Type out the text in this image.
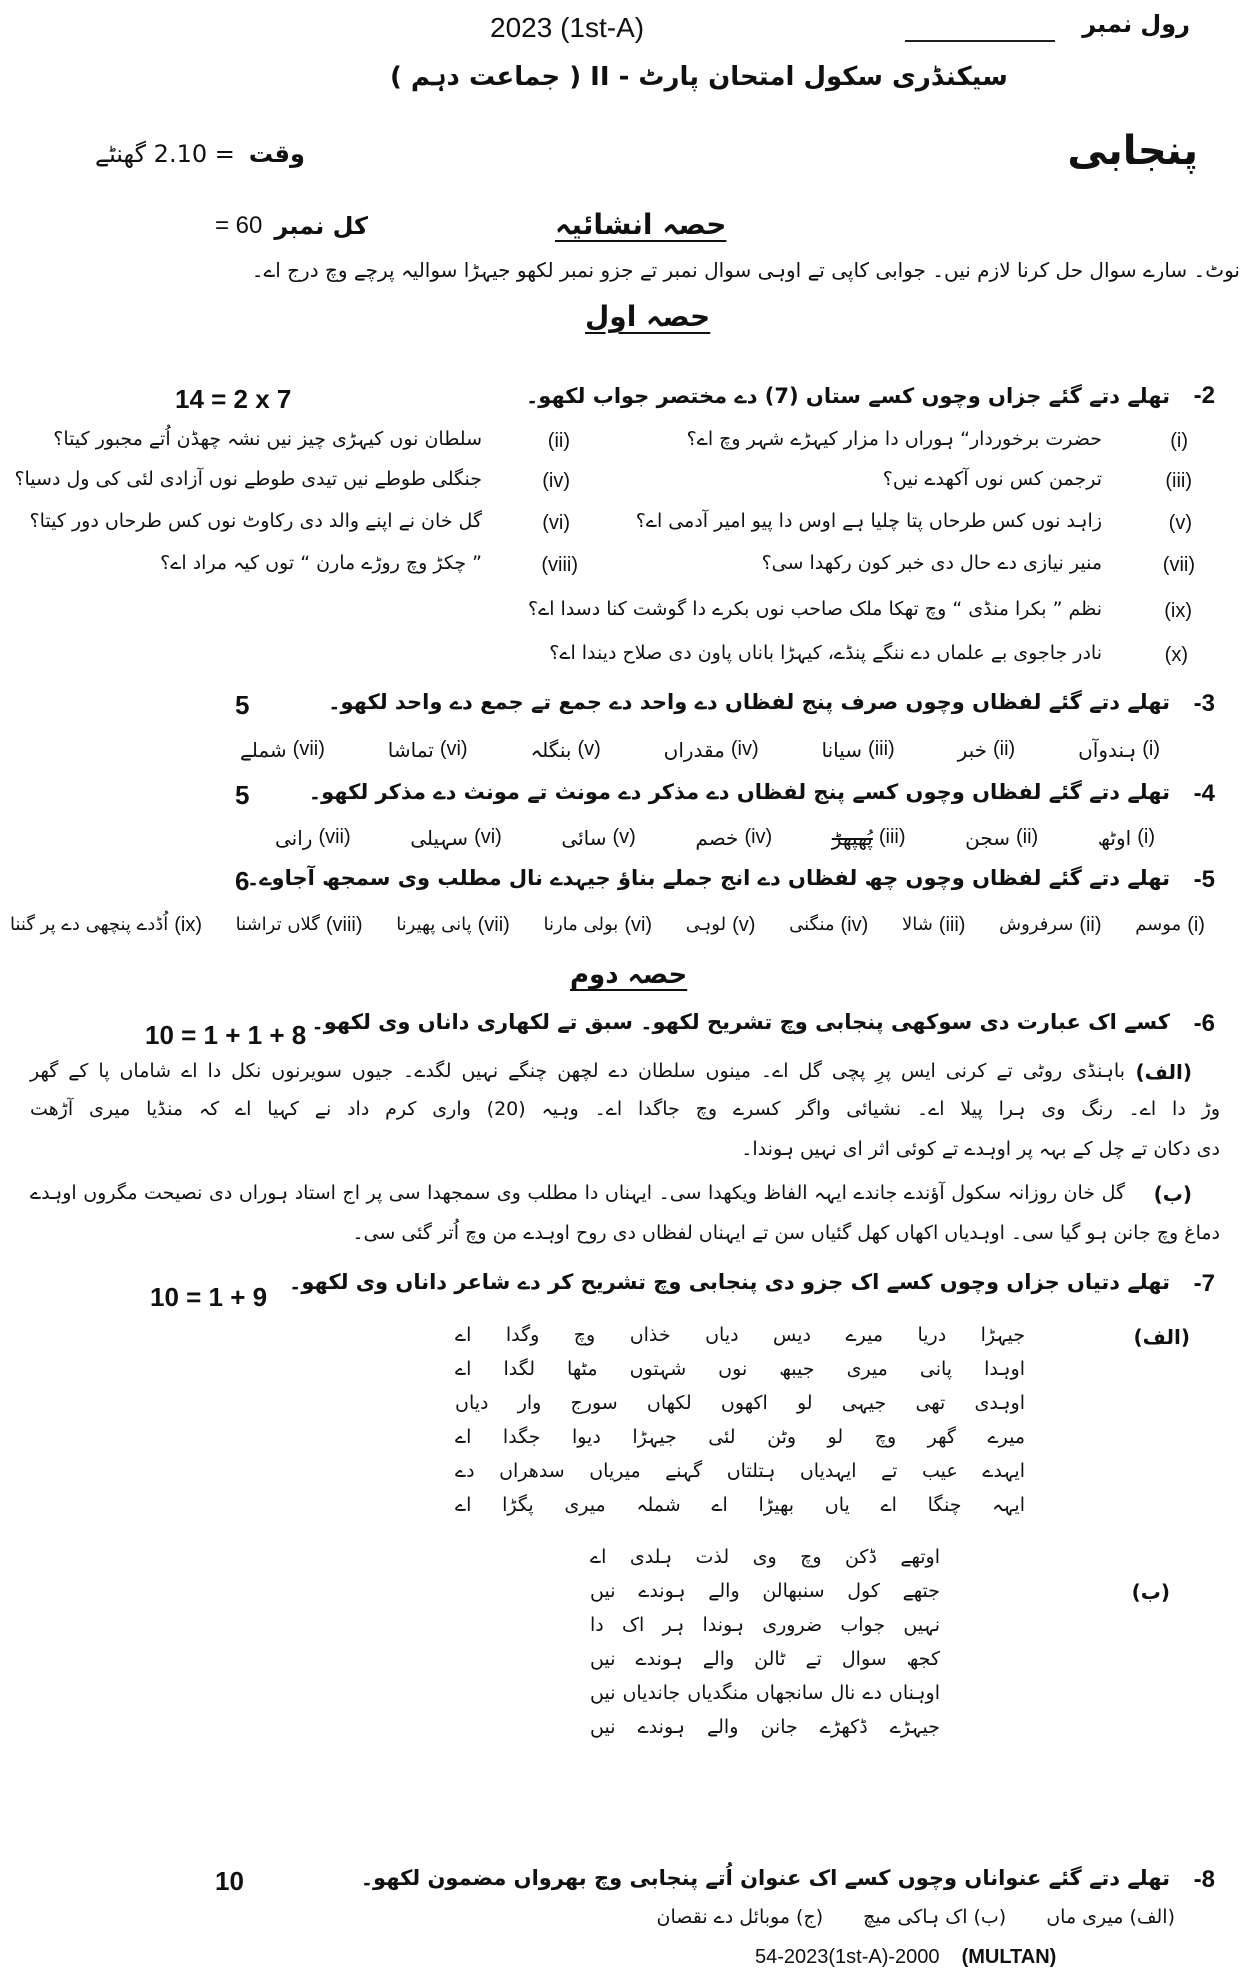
رول نمبر
2023 (1st-A)
سیکنڈری سکول امتحان پارٹ - II ( جماعت دہم )
پنجابی
= 2.10 گھنٹے وقت
= 60 کل نمبر	حصہ انشائیہ
نوٹ۔ سارے سوال حل کرنا لازم نیں۔ جوابی کاپی تے اوہی سوال نمبر تے جزو نمبر لکھو جیہڑا سوالیہ پرچے وچ درج اے۔
حصہ اول
-2
تھلے دتے گئے جزاں وچوں کسے ستاں (7) دے مختصر جواب لکھو۔
14 = 2 x 7
(i)
حضرت برخوردار“ ہوراں دا مزار کیہڑے شہر وچ اے؟
(ii)
سلطان نوں کیہڑی چیز نیں نشہ چھڈن اُتے مجبور کیتا؟
(iii)
ترجمن کس نوں آکھدے نیں؟
(iv)
جنگلی طوطے نیں تیدی طوطے نوں آزادی لئی کی ول دسیا؟
(v)
زاہد نوں کس طرحاں پتا چلیا ہے اوس دا پیو امیر آدمی اے؟
(vi)
گل خان نے اپنے والد دی رکاوٹ نوں کس طرحاں دور کیتا؟
(vii)
منیر نیازی دے حال دی خبر کون رکھدا سی؟
(viii)
” چکڑ وچ روڑے مارن “ توں کیہ مراد اے؟
(ix)
نظم ” بکرا منڈی “ وچ تھکا ملک صاحب نوں بکرے دا گوشت کنا دسدا اے؟
(x)
نادر جاجوی بے علماں دے ننگے پنڈے، کیہڑا باناں پاون دی صلاح دیندا اے؟
-3
تھلے دتے گئے لفظاں وچوں صرف پنج لفظاں دے واحد دے جمع تے جمع دے واحد لکھو۔
5
(i)
ہندوآں
(ii)
خبر
(iii)
سیانا
(iv)
مقدراں
(v)
بنگلہ
(vi)
تماشا
(vii)
شملے
-4
تھلے دتے گئے لفظاں وچوں کسے پنج لفظاں دے مذکر دے مونث تے مونث دے مذکر لکھو۔
5
(i)
اوٹھ
(ii)
سجن
(iii)
پُھپھڑ
(iv)
خصم
(v)
سائی
(vi)
سہیلی
(vii)
رانی
-5
تھلے دتے گئے لفظاں وچوں چھ لفظاں دے انج جملے بناؤ جیہدے نال مطلب وی سمجھ آجاوے۔
6
(i)
موسم
(ii)
سرفروش
(iii)
شالا
(iv)
منگنی
(v)
لوہی
(vi)
بولی مارنا
(vii)
پانی پھیرنا
(viii)
گلاں تراشنا
(ix)
اُڈدے پنچھی دے پر گننا
حصہ دوم
-6
کسے اک عبارت دی سوکھی پنجابی وچ تشریح لکھو۔ سبق تے لکھاری داناں وی لکھو۔
10 = 1 + 1 + 8
(الف)
باہنڈی روٹی تے کرنی ایس پرِ پچی گل اے۔ مینوں سلطان دے لچھن چنگے نہیں لگدے۔ جیوں سویرنوں نکل دا اے شاماں پا کے گھر
وڑ دا اے۔ رنگ وی ہرا پیلا اے۔ نشیائی واگر کسرے وچ جاگدا اے۔ وہیہ (20) واری کرم داد نے کہیا اے کہ منڈیا میری آڑھت
دی دکان تے چل کے بہہ پر اوہدے تے کوئی اثر ای نہیں ہوندا۔
(ب)
گل خان روزانہ سکول آؤندے جاندے ایہہ الفاظ ویکھدا سی۔ ایہناں دا مطلب وی سمجھدا سی پر اج استاد ہوراں دی نصیحت مگروں اوہدے
دماغ وچ جانن ہو گیا سی۔ اوہدیاں اکھاں کھل گئیاں سن تے ایہناں لفظاں دی روح اوہدے من وچ اُتر گئی سی۔
-7
تھلے دتیاں جزاں وچوں کسے اک جزو دی پنجابی وچ تشریح کر دے شاعر داناں وی لکھو۔
10 = 1 + 9
(الف)
جیہڑا دریا میرے دیس دیاں خذاں وچ وگدا اے
اوہدا پانی میری جیبھ نوں شہتوں مٹھا لگدا اے
اوہدی تھی جیہی لو اکھوں لکھاں سورج وار دیاں
میرے گھر وچ لو وٹن لئی جیہڑا دیوا جگدا اے
ایہدے عیب تے ایہدیاں ہتلتاں گہنے میریاں سدھراں دے
ایہہ چنگا اے یاں بھیڑا اے شملہ میری پگڑا اے
(ب)
اوتھے ڈکن وچ وی لذت ہلدی اے
جتھے کول سنبھالن والے ہوندے نیں
نہیں جواب ضروری ہوندا ہر اک دا
کجھ سوال تے ٹالن والے ہوندے نیں
اوہناں دے نال سانجھاں منگدیاں جاندیاں نیں
جیہڑے ڈکھڑے جانن والے ہوندے نیں
-8
تھلے دتے گئے عنواناں وچوں کسے اک عنوان اُتے پنجابی وچ بھرواں مضمون لکھو۔
10
(الف)
میری ماں
(ب)
اک ہاکی میچ
(ج)
موبائل دے نقصان
54-2023(1st-A)-2000 (MULTAN)
